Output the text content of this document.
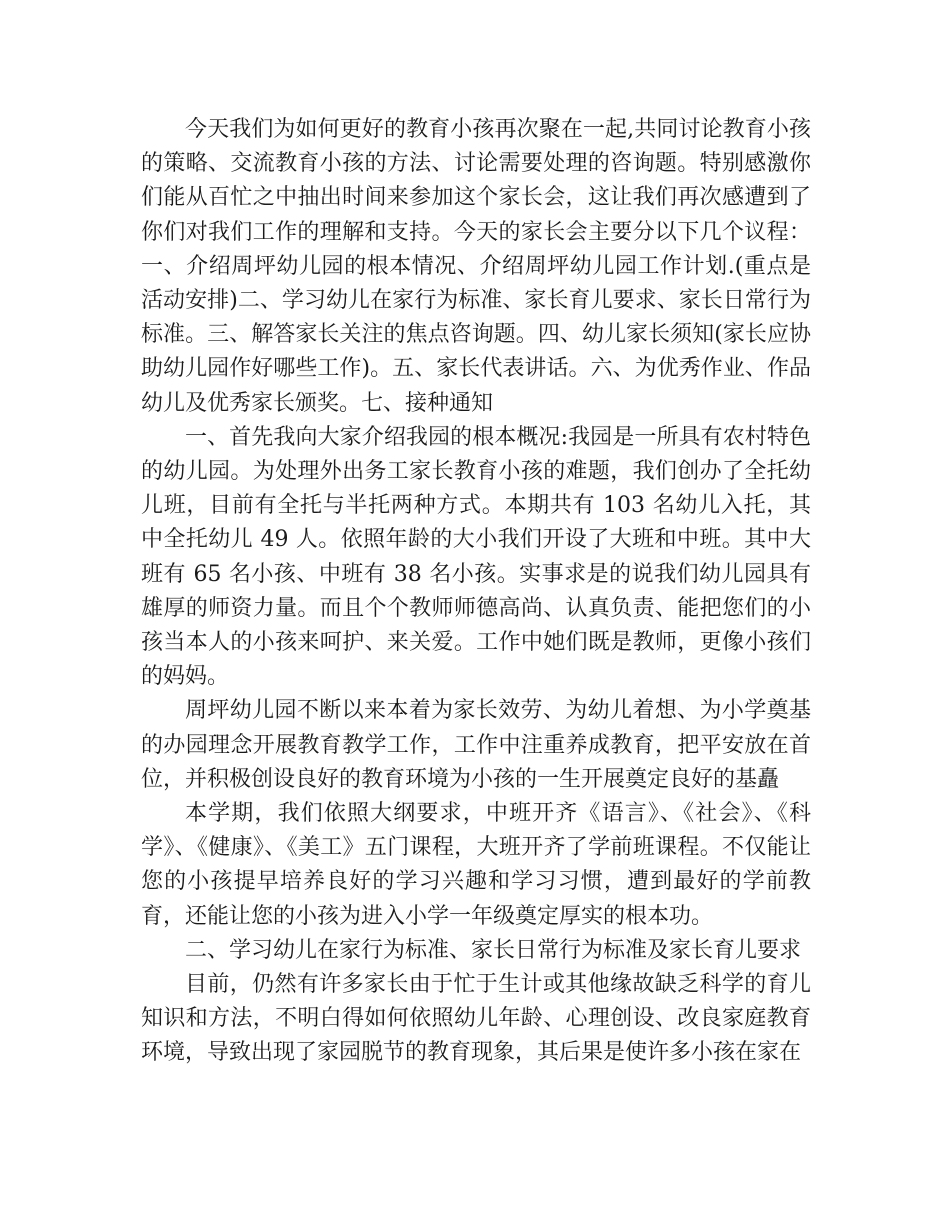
今天我们为如何更好的教育小孩再次聚在一起,共同讨论教育小孩的策略、交流教育小孩的方法、讨论需要处理的咨询题。特别感激你们能从百忙之中抽出时间来参加这个家长会，这让我们再次感遭到了你们对我们工作的理解和支持。今天的家长会主要分以下几个议程：一、介绍周坪幼儿园的根本情况、介绍周坪幼儿园工作计划.(重点是活动安排)二、学习幼儿在家行为标准、家长育儿要求、家长日常行为标准。三、解答家长关注的焦点咨询题。四、幼儿家长须知(家长应协助幼儿园作好哪些工作)。五、家长代表讲话。六、为优秀作业、作品幼儿及优秀家长颁奖。七、接种通知

一、首先我向大家介绍我园的根本概况:我园是一所具有农村特色的幼儿园。为处理外出务工家长教育小孩的难题，我们创办了全托幼儿班，目前有全托与半托两种方式。本期共有 103 名幼儿入托，其中全托幼儿 49 人。依照年龄的大小我们开设了大班和中班。其中大班有 65 名小孩、中班有 38 名小孩。实事求是的说我们幼儿园具有雄厚的师资力量。而且个个教师师德高尚、认真负责、能把您们的小孩当本人的小孩来呵护、来关爱。工作中她们既是教师，更像小孩们的妈妈。

周坪幼儿园不断以来本着为家长效劳、为幼儿着想、为小学奠基的办园理念开展教育教学工作，工作中注重养成教育，把平安放在首位，并积极创设良好的教育环境为小孩的一生开展奠定良好的基矗

本学期，我们依照大纲要求，中班开齐《语言》、《社会》、《科学》、《健康》、《美工》五门课程，大班开齐了学前班课程。不仅能让您的小孩提早培养良好的学习兴趣和学习习惯，遭到最好的学前教育，还能让您的小孩为进入小学一年级奠定厚实的根本功。

二、学习幼儿在家行为标准、家长日常行为标准及家长育儿要求

目前，仍然有许多家长由于忙于生计或其他缘故缺乏科学的育儿知识和方法，不明白得如何依照幼儿年龄、心理创设、改良家庭教育环境，导致出现了家园脱节的教育现象，其后果是使许多小孩在家在
